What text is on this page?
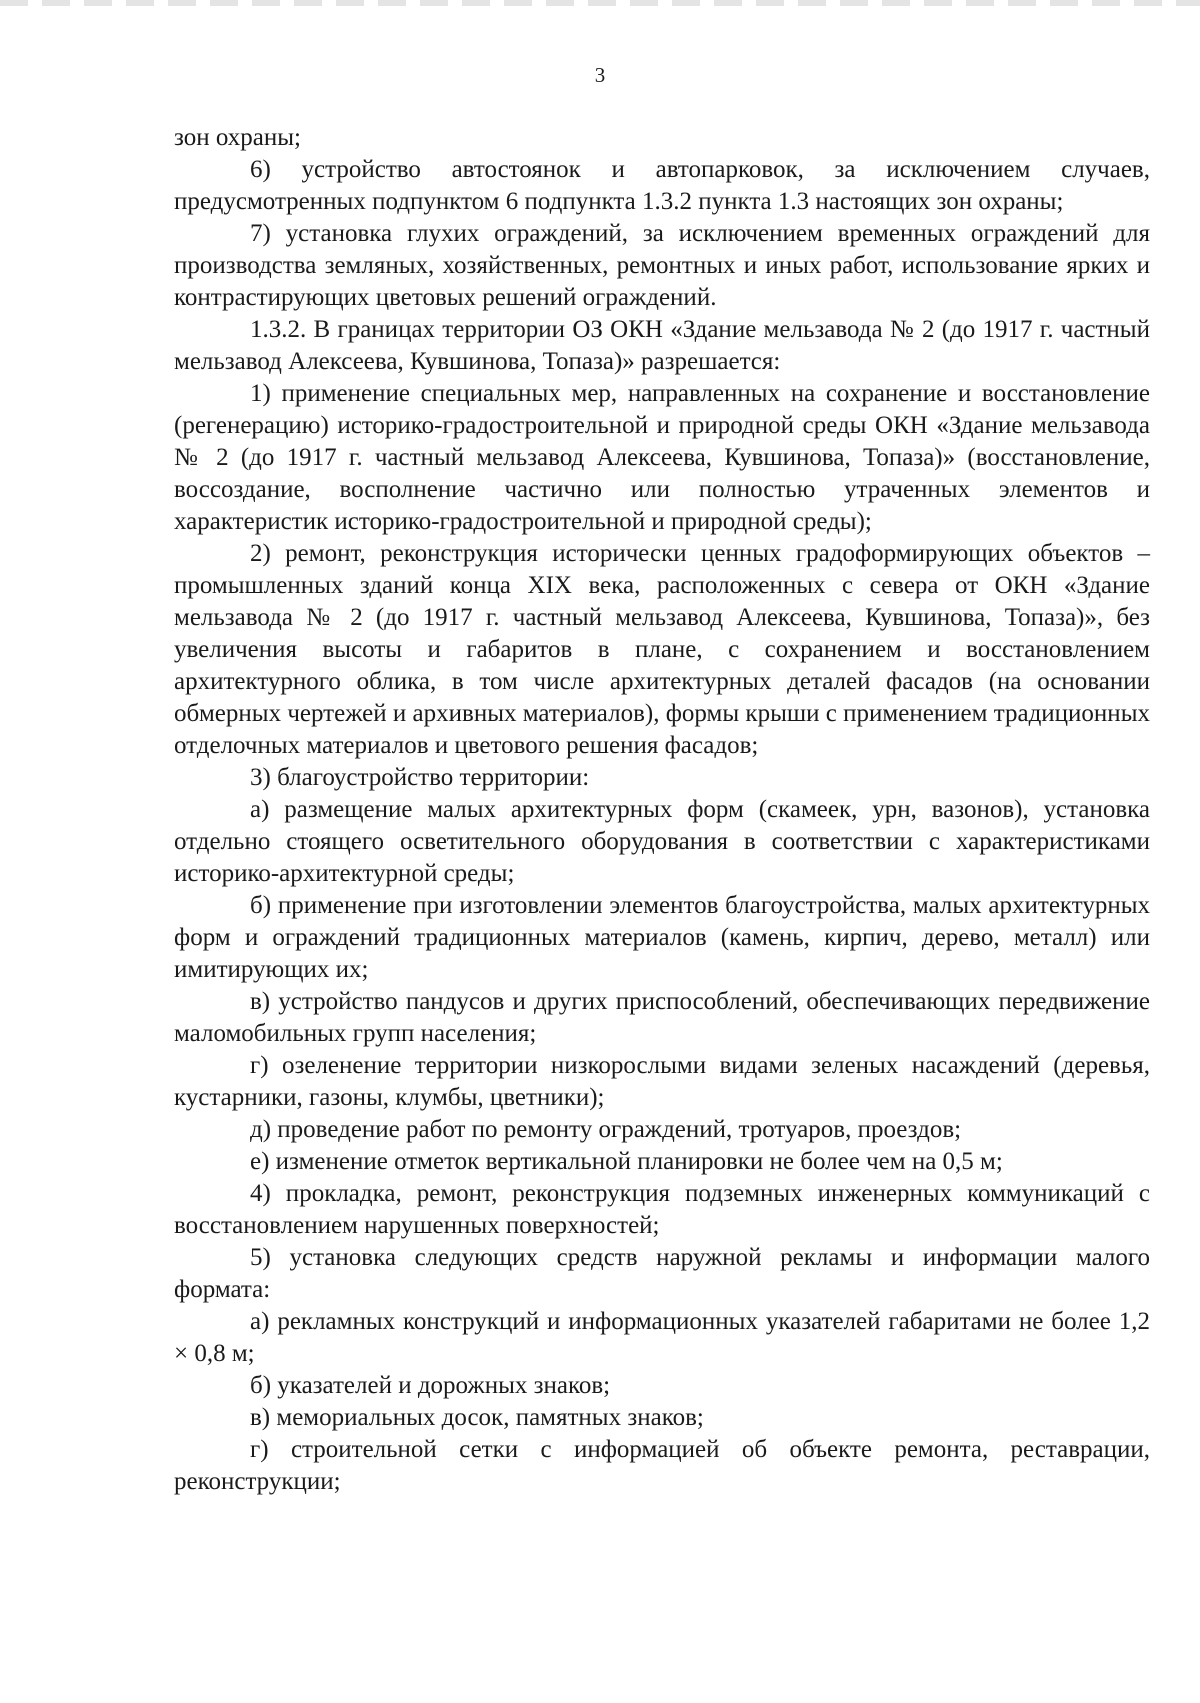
3

зон охраны;

6) устройство автостоянок и автопарковок, за исключением случаев, предусмотренных подпунктом 6 подпункта 1.3.2 пункта 1.3 настоящих зон охраны;

7) установка глухих ограждений, за исключением временных ограждений для производства земляных, хозяйственных, ремонтных и иных работ, использование ярких и контрастирующих цветовых решений ограждений.

1.3.2. В границах территории ОЗ ОКН «Здание мельзавода № 2 (до 1917 г. частный мельзавод Алексеева, Кувшинова, Топаза)» разрешается:

1) применение специальных мер, направленных на сохранение и восстановление (регенерацию) историко-градостроительной и природной среды ОКН «Здание мельзавода № 2 (до 1917 г. частный мельзавод Алексеева, Кувшинова, Топаза)» (восстановление, воссоздание, восполнение частично или полностью утраченных элементов и характеристик историко-градостроительной и природной среды);

2) ремонт, реконструкция исторически ценных градоформирующих объектов – промышленных зданий конца XIX века, расположенных с севера от ОКН «Здание мельзавода № 2 (до 1917 г. частный мельзавод Алексеева, Кувшинова, Топаза)», без увеличения высоты и габаритов в плане, с сохранением и восстановлением архитектурного облика, в том числе архитектурных деталей фасадов (на основании обмерных чертежей и архивных материалов), формы крыши с применением традиционных отделочных материалов и цветового решения фасадов;

3) благоустройство территории:

а) размещение малых архитектурных форм (скамеек, урн, вазонов), установка отдельно стоящего осветительного оборудования в соответствии с характеристиками историко-архитектурной среды;

б) применение при изготовлении элементов благоустройства, малых архитектурных форм и ограждений традиционных материалов (камень, кирпич, дерево, металл) или имитирующих их;

в) устройство пандусов и других приспособлений, обеспечивающих передвижение маломобильных групп населения;

г) озеленение территории низкорослыми видами зеленых насаждений (деревья, кустарники, газоны, клумбы, цветники);

д) проведение работ по ремонту ограждений, тротуаров, проездов;

е) изменение отметок вертикальной планировки не более чем на 0,5 м;

4) прокладка, ремонт, реконструкция подземных инженерных коммуникаций с восстановлением нарушенных поверхностей;

5) установка следующих средств наружной рекламы и информации малого формата:

а) рекламных конструкций и информационных указателей габаритами не более 1,2 × 0,8 м;

б) указателей и дорожных знаков;

в) мемориальных досок, памятных знаков;

г) строительной сетки с информацией об объекте ремонта, реставрации, реконструкции;
